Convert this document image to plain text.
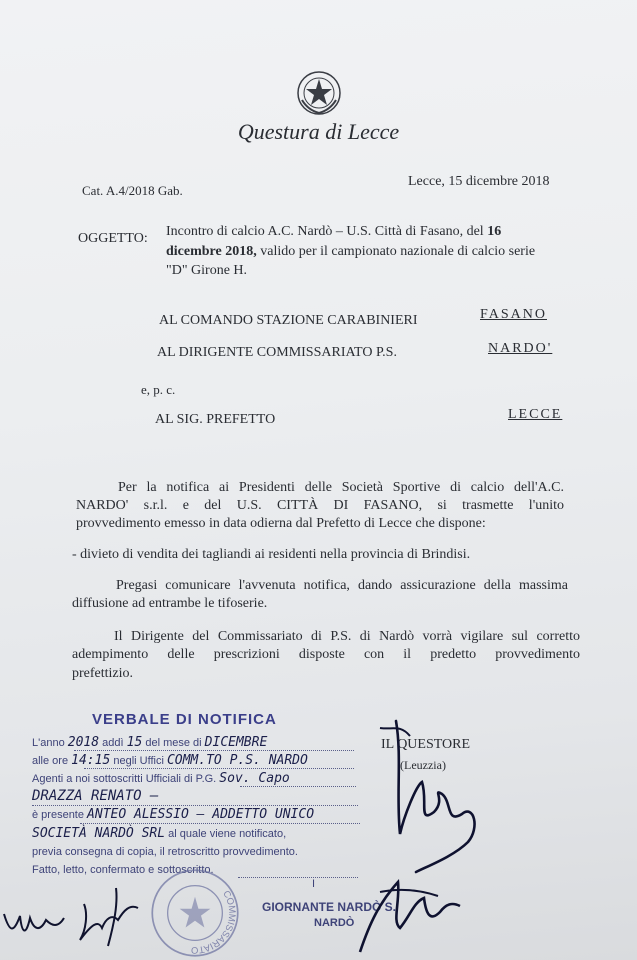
Questura di Lecce
Cat. A.4/2018 Gab.
Lecce, 15 dicembre 2018
OGGETTO: Incontro di calcio A.C. Nardò – U.S. Città di Fasano, del 16
dicembre 2018, valido per il campionato nazionale di calcio serie
"D" Girone H.
AL COMANDO STAZIONE CARABINIERI	FASANO
AL DIRIGENTE COMMISSARIATO P.S.	NARDO'
e, p. c.
AL SIG. PREFETTO	LECCE
Per la notifica ai Presidenti delle Società Sportive di calcio dell'A.C.
NARDO' s.r.l. e del U.S. CITTÀ DI FASANO, si trasmette l'unito
provvedimento emesso in data odierna dal Prefetto di Lecce che dispone:
- divieto di vendita dei tagliandi ai residenti nella provincia di Brindisi.
Pregasi comunicare l'avvenuta notifica, dando assicurazione della massima
diffusione ad entrambe le tifoserie.
Il Dirigente del Commissariato di P.S. di Nardò vorrà vigilare sul corretto
adempimento delle prescrizioni disposte con il predetto provvedimento
prefettizio.
IL QUESTORE
(Leuzzia)
VERBALE DI NOTIFICA
L'anno 2018 addì 15 del mese di DICEMBRE
alle ore 14:15 negli Uffici COMM.TO P.S. NARDO
Agenti a noi sottoscritti Ufficiali di P.G. Sov. Capo
DRAZZA RENATO –
è presente ANTEO ALESSIO – ADDETTO UNICO
SOCIETÀ NARDÒ SRL al quale viene notificato,
previa consegna di copia, il retroscritto provvedimento.
Fatto, letto, confermato e sottoscritto.
I
GIORNANTE NARDÒ S.
NARDÒ
COMMISSARIATO
